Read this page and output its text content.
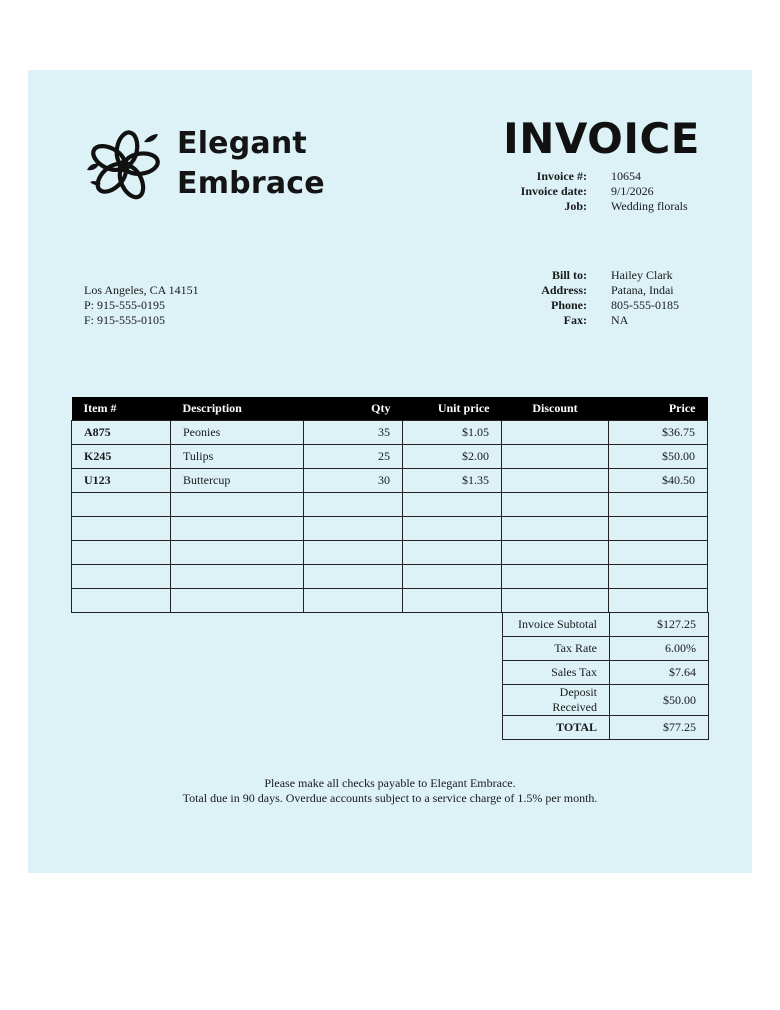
Elegant
Embrace
INVOICE
Invoice #:	10654
Invoice date:	9/1/2026
Job:	Wedding florals
Bill to:	Hailey Clark
Address:	Patana, Indai
Phone:	805-555-0185
Fax:	NA
Los Angeles, CA 14151
P: 915-555-0195
F: 915-555-0105
Item #	Description	Qty	Unit price	Discount	Price
A875	Peonies	35	$1.05		$36.75
K245	Tulips	25	$2.00		$50.00
U123	Buttercup	30	$1.35		$40.50

Invoice Subtotal	$127.25
Tax Rate	6.00%
Sales Tax	$7.64
Deposit Received	$50.00
TOTAL	$77.25
Please make all checks payable to Elegant Embrace.
Total due in 90 days. Overdue accounts subject to a service charge of 1.5% per month.
